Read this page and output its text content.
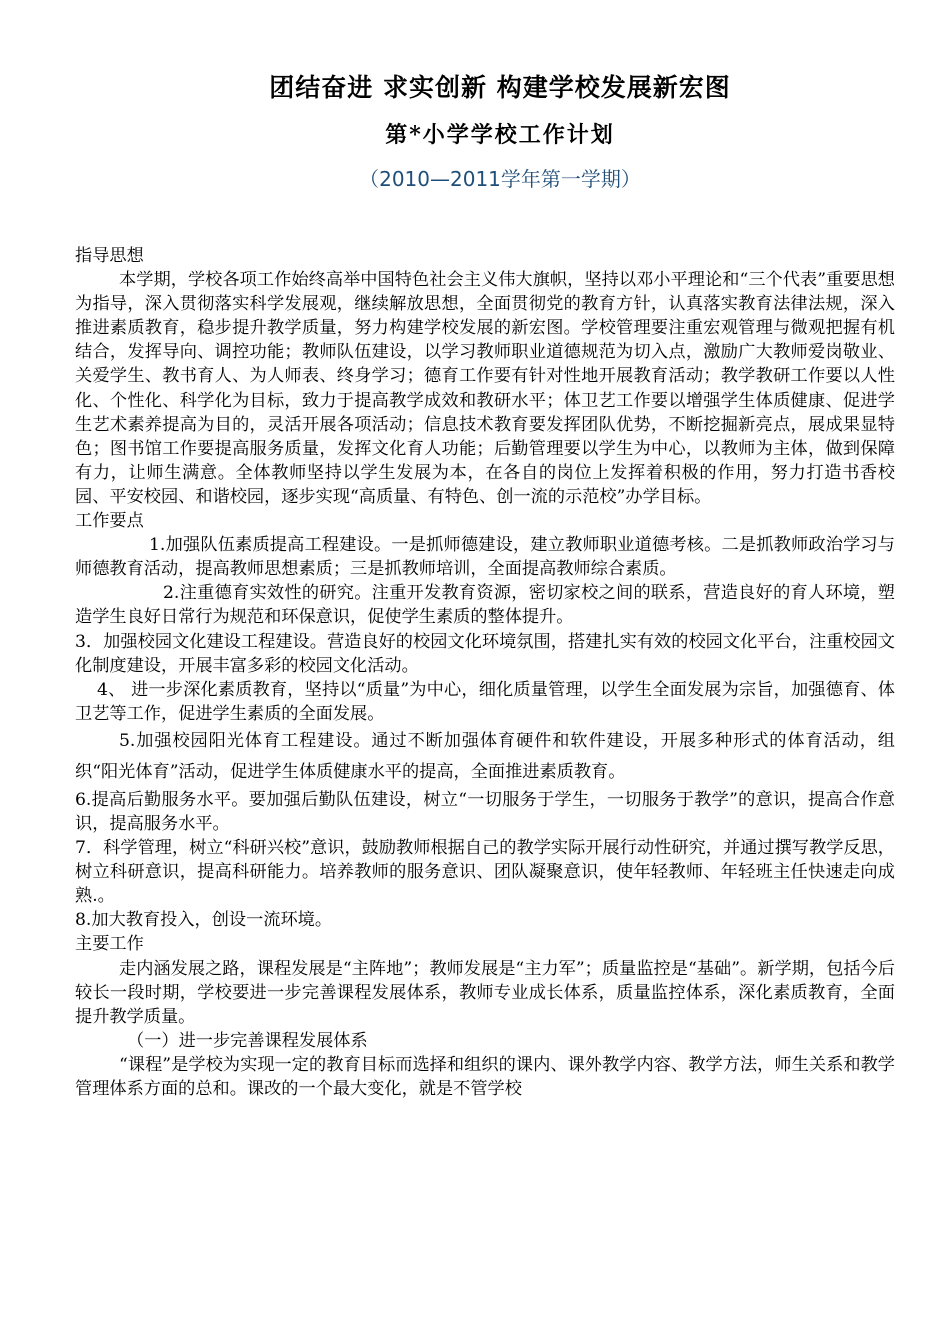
团结奋进 求实创新 构建学校发展新宏图
第*小学学校工作计划
（2010—2011学年第一学期）

指导思想

本学期，学校各项工作始终高举中国特色社会主义伟大旗帜，坚持以邓小平理论和“三个代表”重要思想为指导，深入贯彻落实科学发展观，继续解放思想，全面贯彻党的教育方针，认真落实教育法律法规，深入推进素质教育，稳步提升教学质量，努力构建学校发展的新宏图。学校管理要注重宏观管理与微观把握有机结合，发挥导向、调控功能；教师队伍建设，以学习教师职业道德规范为切入点，激励广大教师爱岗敬业、关爱学生、教书育人、为人师表、终身学习；德育工作要有针对性地开展教育活动；教学教研工作要以人性化、个性化、科学化为目标，致力于提高教学成效和教研水平；体卫艺工作要以增强学生体质健康、促进学生艺术素养提高为目的，灵活开展各项活动；信息技术教育要发挥团队优势，不断挖掘新亮点，展成果显特色；图书馆工作要提高服务质量，发挥文化育人功能；后勤管理要以学生为中心，以教师为主体，做到保障有力，让师生满意。全体教师坚持以学生发展为本，在各自的岗位上发挥着积极的作用，努力打造书香校园、平安校园、和谐校园，逐步实现“高质量、有特色、创一流的示范校”办学目标。

工作要点

1.加强队伍素质提高工程建设。一是抓师德建设，建立教师职业道德考核。二是抓教师政治学习与师德教育活动，提高教师思想素质；三是抓教师培训，全面提高教师综合素质。

2.注重德育实效性的研究。注重开发教育资源，密切家校之间的联系，营造良好的育人环境，塑造学生良好日常行为规范和环保意识，促使学生素质的整体提升。

3．加强校园文化建设工程建设。营造良好的校园文化环境氛围，搭建扎实有效的校园文化平台，注重校园文化制度建设，开展丰富多彩的校园文化活动。

4、 进一步深化素质教育，坚持以“质量”为中心，细化质量管理，以学生全面发展为宗旨，加强德育、体卫艺等工作，促进学生素质的全面发展。

5.加强校园阳光体育工程建设。通过不断加强体育硬件和软件建设，开展多种形式的体育活动，组织“阳光体育”活动，促进学生体质健康水平的提高，全面推进素质教育。

6.提高后勤服务水平。要加强后勤队伍建设，树立“一切服务于学生，一切服务于教学”的意识，提高合作意识，提高服务水平。

7．科学管理，树立“科研兴校”意识，鼓励教师根据自己的教学实际开展行动性研究，并通过撰写教学反思，树立科研意识，提高科研能力。培养教师的服务意识、团队凝聚意识，使年轻教师、年轻班主任快速走向成熟.。

8.加大教育投入，创设一流环境。

主要工作

走内涵发展之路，课程发展是“主阵地”；教师发展是“主力军”；质量监控是“基础”。新学期，包括今后较长一段时期，学校要进一步完善课程发展体系，教师专业成长体系，质量监控体系，深化素质教育，全面提升教学质量。

（一）进一步完善课程发展体系

“课程”是学校为实现一定的教育目标而选择和组织的课内、课外教学内容、教学方法，师生关系和教学管理体系方面的总和。课改的一个最大变化，就是不管学校
